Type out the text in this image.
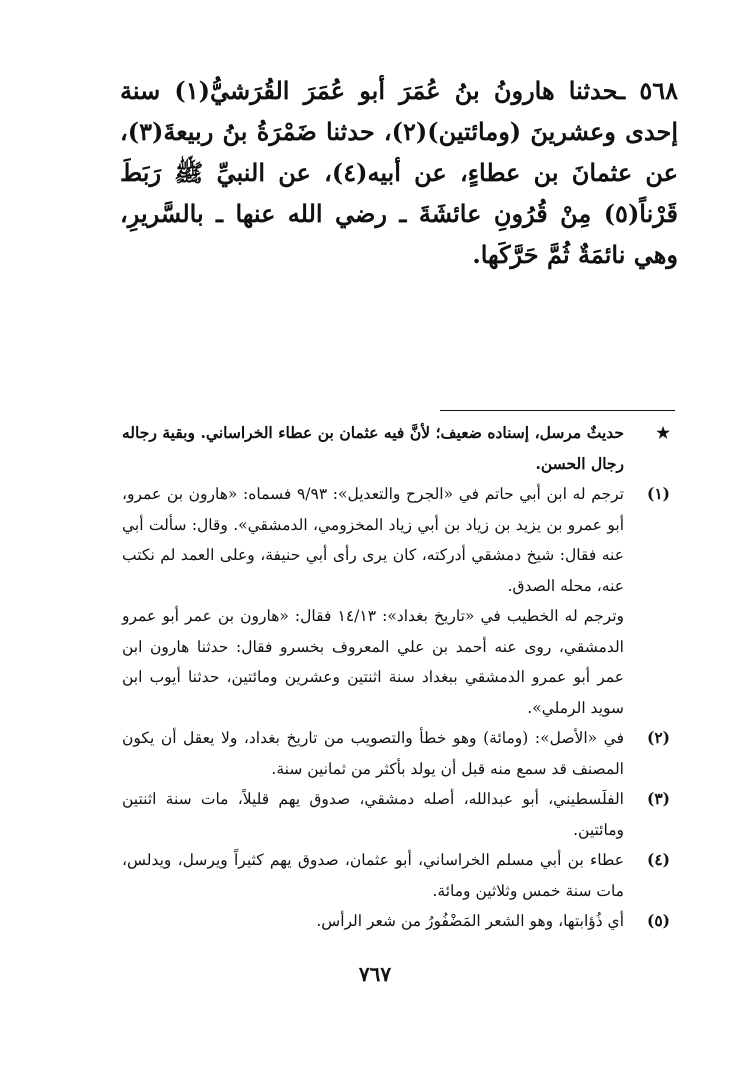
٥٦٨ ـحدثنا هارونُ بنُ عُمَرَ أبو عُمَرَ القُرَشيُّ(١) سنة إحدى وعشرينَ (ومائتين)(٢)، حدثنا ضَمْرَةُ بنُ ربيعةَ(٣)، عن عثمانَ بن عطاءٍ، عن أبيه(٤)، عن النبيِّ ﷺ رَبَطَ قَرْناً(٥) مِنْ قُرُونِ عائشَةَ ـ رضي الله عنها ـ بالسَّريرِ، وهي نائمَةٌ ثُمَّ حَرَّكَها.
★
حديثٌ مرسل، إسناده ضعيف؛ لأنَّ فيه عثمان بن عطاء الخراساني. وبقية رجاله رجال الحسن.
(١)
ترجم له ابن أبي حاتم في «الجرح والتعديل»: ٩/٩٣ فسماه: «هارون بن عمرو، أبو عمرو بن يزيد بن زياد بن أبي زياد المخزومي، الدمشقي». وقال: سألت أبي عنه فقال: شيخ دمشقي أدركته، كان يرى رأى أبي حنيفة، وعلى العمد لم نكتب عنه، محله الصدق.
وترجم له الخطيب في «تاريخ بغداد»: ١٤/١٣ فقال: «هارون بن عمر أبو عمرو الدمشقي، روى عنه أحمد بن علي المعروف بخسرو فقال: حدثنا هارون ابن عمر أبو عمرو الدمشقي ببغداد سنة اثنتين وعشرين ومائتين، حدثنا أيوب ابن سويد الرملي».
(٢)
في «الأصل»: (ومائة) وهو خطأ والتصويب من تاريخ بغداد، ولا يعقل أن يكون المصنف قد سمع منه قبل أن يولد بأكثر من ثمانين سنة.
(٣)
الفلَسطيني، أبو عبدالله، أصله دمشقي، صدوق يهم قليلاً، مات سنة اثنتين ومائتين.
(٤)
عطاء بن أبي مسلم الخراساني، أبو عثمان، صدوق يهم كثيراً ويرسل، ويدلس، مات سنة خمس وثلاثين ومائة.
(٥)
أي ذُؤابتها، وهو الشعر المَضْفُورُ من شعر الرأس.
٧٦٧
